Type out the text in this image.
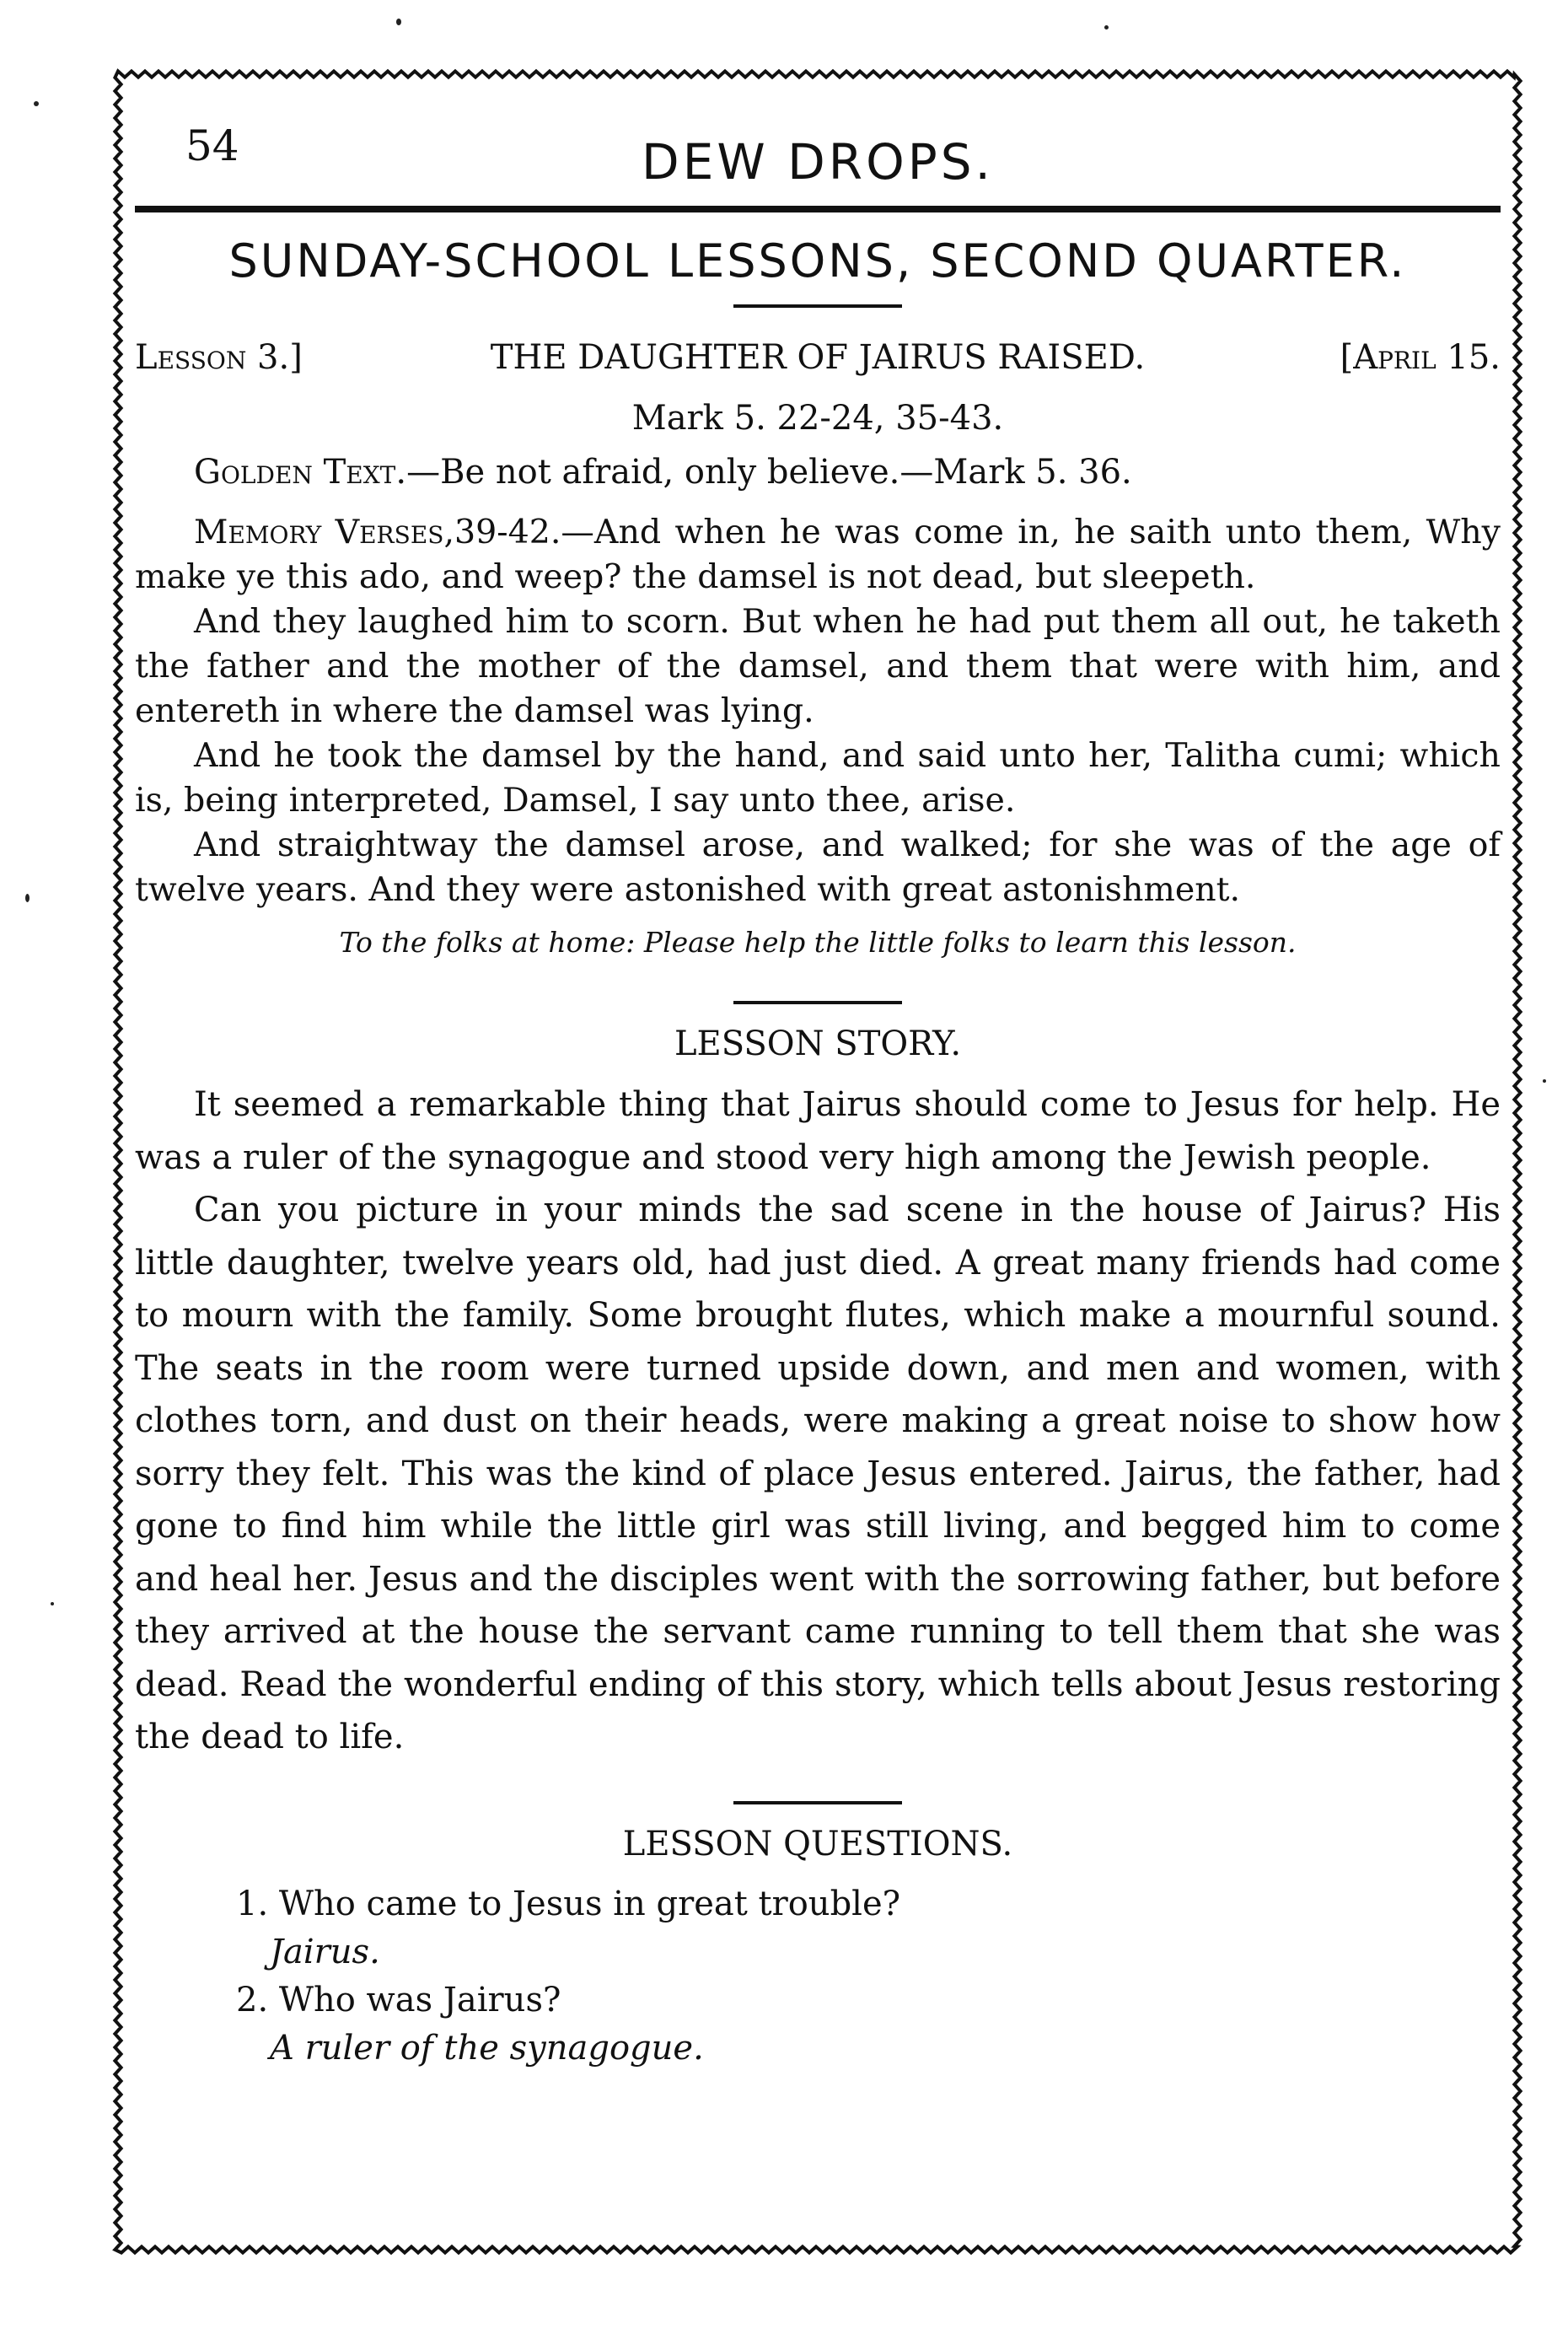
54	DEW DROPS.
SUNDAY-SCHOOL LESSONS, SECOND QUARTER.
Lesson 3.]	THE DAUGHTER OF JAIRUS RAISED.	[April 15.
Mark 5. 22-24, 35-43.
Golden Text.—Be not afraid, only believe.—Mark 5. 36.

Memory Verses,39-42.—And when he was come in, he saith unto them, Why make ye this ado, and weep? the damsel is not dead, but sleepeth.

And they laughed him to scorn. But when he had put them all out, he taketh the father and the mother of the damsel, and them that were with him, and entereth in where the damsel was lying.

And he took the damsel by the hand, and said unto her, Talitha cumi; which is, being interpreted, Damsel, I say unto thee, arise.

And straightway the damsel arose, and walked; for she was of the age of twelve years. And they were astonished with great astonishment.

To the folks at home: Please help the little folks to learn this lesson.
LESSON STORY.

It seemed a remarkable thing that Jairus should come to Jesus for help. He was a ruler of the synagogue and stood very high among the Jewish people.

Can you picture in your minds the sad scene in the house of Jairus? His little daughter, twelve years old, had just died. A great many friends had come to mourn with the family. Some brought flutes, which make a mournful sound. The seats in the room were turned upside down, and men and women, with clothes torn, and dust on their heads, were making a great noise to show how sorry they felt. This was the kind of place Jesus entered. Jairus, the father, had gone to find him while the little girl was still living, and begged him to come and heal her. Jesus and the disciples went with the sorrowing father, but before they arrived at the house the servant came running to tell them that she was dead. Read the wonderful ending of this story, which tells about Jesus restoring the dead to life.

LESSON QUESTIONS.
1. Who came to Jesus in great trouble?
Jairus.
2. Who was Jairus?
A ruler of the synagogue.
